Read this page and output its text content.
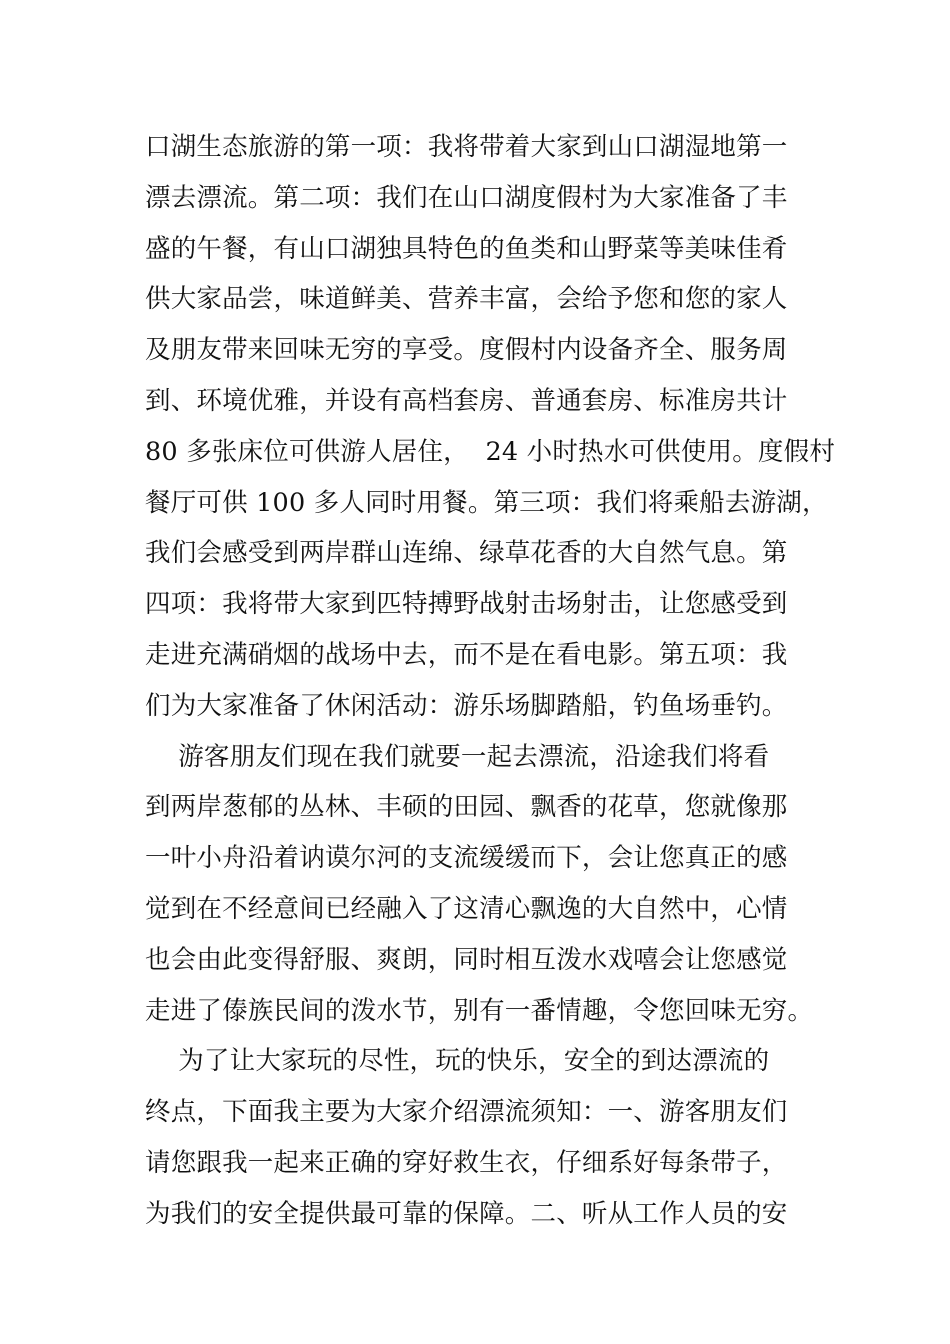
口湖生态旅游的第一项：我将带着大家到山口湖湿地第一
漂去漂流。第二项：我们在山口湖度假村为大家准备了丰
盛的午餐，有山口湖独具特色的鱼类和山野菜等美味佳肴
供大家品尝，味道鲜美、营养丰富，会给予您和您的家人
及朋友带来回味无穷的享受。度假村内设备齐全、服务周
到、环境优雅，并设有高档套房、普通套房、标准房共计
80 多张床位可供游人居住，  24 小时热水可供使用。度假村
餐厅可供 100 多人同时用餐。第三项：我们将乘船去游湖，
我们会感受到两岸群山连绵、绿草花香的大自然气息。第
四项：我将带大家到匹特搏野战射击场射击，让您感受到
走进充满硝烟的战场中去，而不是在看电影。第五项：我
们为大家准备了休闲活动：游乐场脚踏船，钓鱼场垂钓。
游客朋友们现在我们就要一起去漂流，沿途我们将看
到两岸葱郁的丛林、丰硕的田园、飘香的花草，您就像那
一叶小舟沿着讷谟尔河的支流缓缓而下，会让您真正的感
觉到在不经意间已经融入了这清心飘逸的大自然中，心情
也会由此变得舒服、爽朗，同时相互泼水戏嘻会让您感觉
走进了傣族民间的泼水节，别有一番情趣，令您回味无穷。
为了让大家玩的尽性，玩的快乐，安全的到达漂流的
终点，下面我主要为大家介绍漂流须知：一、游客朋友们
请您跟我一起来正确的穿好救生衣，仔细系好每条带子，
为我们的安全提供最可靠的保障。二、听从工作人员的安
